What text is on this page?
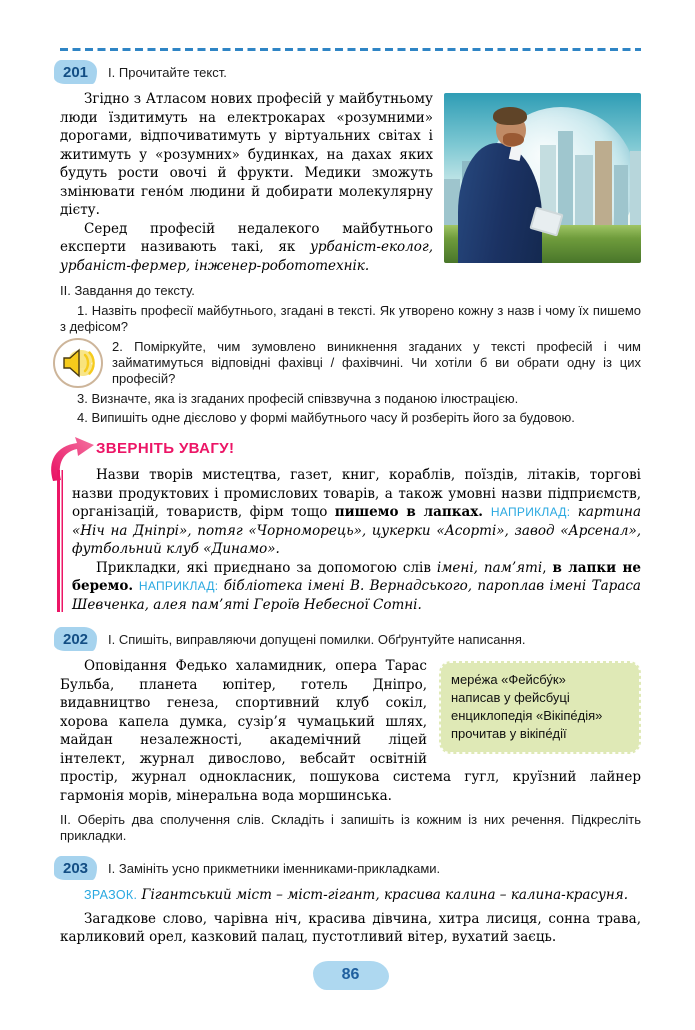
201	І. Прочитайте текст.

Згідно з Атласом нових професій у майбутньому люди їздитимуть на електрокарах «розумними» дорогами, відпочиватимуть у віртуальних світах і житимуть у «розумних» будинках, на дахах яких будуть рости овочі й фрукти. Медики зможуть змінювати гено́м людини й добирати молекулярну дієту.

Серед професій недалекого майбутнього експерти називають такі, як урбаніст-еколог, урбаніст-фермер, інженер-робототехнік.

ІІ. Завдання до тексту.

1. Назвіть професії майбутнього, згадані в тексті. Як утворено кожну з назв і чому їх пишемо з дефісом?

2. Поміркуйте, чим зумовлено виникнення згаданих у тексті професій і чим займатимуться відповідні фахівці / фахівчині. Чи хотіли б ви обрати одну із цих професій?

3. Визначте, яка із згаданих професій співзвучна з поданою ілюстрацією.

4. Випишіть одне дієслово у формі майбутнього часу й розберіть його за будовою.

ЗВЕРНІТЬ УВАГУ!

Назви творів мистецтва, газет, книг, кораблів, поїздів, літаків, торгові назви продуктових і промислових товарів, а також умовні назви підприємств, організацій, товариств, фірм тощо пишемо в лапках. НАПРИКЛАД: картина «Ніч на Дніпрі», потяг «Чорноморець», цукерки «Асорті», завод «Арсенал», футбольний клуб «Динамо».

Прикладки, які приєднано за допомогою слів імені, пам’яті, в лапки не беремо. НАПРИКЛАД: бібліотека імені В. Вернадського, пароплав імені Тараса Шевченка, алея пам’яті Героїв Небесної Сотні.

202	І. Спишіть, виправляючи допущені помилки. Обґрунтуйте написання.
мере́жа «Фейсбу́к»
написав у фейсбуці
енциклопедія «Вікіпе́дія»
прочитав у вікіпе́дії

Оповідання Федько халамидник, опера Тарас Бульба, планета юпітер, готель Дніпро, видавництво генеза, спортивний клуб сокіл, хорова капела думка, сузір’я чумацький шлях, майдан незалежності, академічний ліцей інтелект, журнал дивослово, вебсайт освітній простір, журнал однокласник, пошукова система гугл, круїзний лайнер гармонія морів, мінеральна вода моршинська.

ІІ. Оберіть два сполучення слів. Складіть і запишіть із кожним із них речення. Підкресліть прикладки.

203	І. Замініть усно прикметники іменниками-прикладками.

ЗРАЗОК. Гігантський міст – міст-гігант, красива калина – калина-красуня.

Загадкове слово, чарівна ніч, красива дівчина, хитра лисиця, сонна трава, карликовий орел, казковий палац, пустотливий вітер, вухатий заєць.

86
